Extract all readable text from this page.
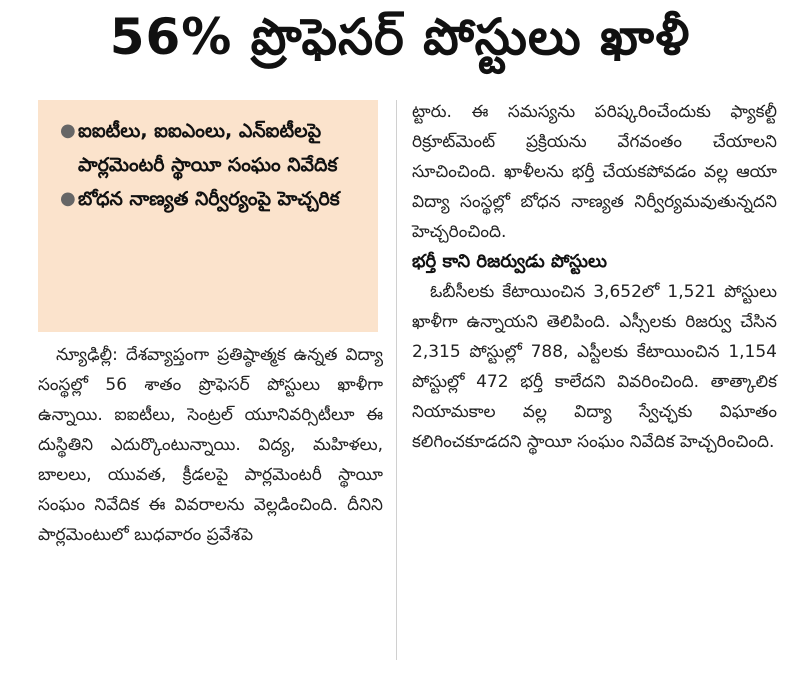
56% ప్రొఫెసర్ పోస్టులు ఖాళీ
● ఐఐటీలు, ఐఐఎంలు, ఎన్ఐటీలపై పార్లమెంటరీ స్థాయీ సంఘం నివేదిక
● బోధన నాణ్యత నిర్వీర్యంపై హెచ్చరిక

న్యూఢిల్లీ: దేశవ్యాప్తంగా ప్రతిష్ఠాత్మక ఉన్నత విద్యా సంస్థల్లో 56 శాతం ప్రొఫెసర్ పోస్టులు ఖాళీగా ఉన్నాయి. ఐఐటీలు, సెంట్రల్ యూనివర్సిటీలూ ఈ దుస్థితిని ఎదుర్కొంటున్నాయి. విద్య, మహిళలు, బాలలు, యువత, క్రీడలపై పార్లమెంటరీ స్థాయీ సంఘం నివేదిక ఈ వివరాలను వెల్లడించింది. దీనిని పార్లమెంటులో బుధవారం ప్రవేశపె

ట్టారు. ఈ సమస్యను పరిష్కరించేందుకు ఫ్యాకల్టీ రిక్రూట్‌మెంట్ ప్రక్రియను వేగవంతం చేయాలని సూచించింది. ఖాళీలను భర్తీ చేయకపోవడం వల్ల ఆయా విద్యా సంస్థల్లో బోధన నాణ్యత నిర్వీర్యమవుతున్నదని హెచ్చరించింది.

భర్తీ కాని రిజర్వుడు పోస్టులు

ఓబీసీలకు కేటాయించిన 3,652లో 1,521 పోస్టులు ఖాళీగా ఉన్నాయని తెలిపింది. ఎస్సీలకు రిజర్వు చేసిన 2,315 పోస్టుల్లో 788, ఎస్టీలకు కేటాయించిన 1,154 పోస్టుల్లో 472 భర్తీ కాలేదని వివరించింది. తాత్కాలిక నియామకాల వల్ల విద్యా స్వేచ్ఛకు విఘాతం కలిగించకూడదని స్థాయీ సంఘం నివేదిక హెచ్చరించింది.
